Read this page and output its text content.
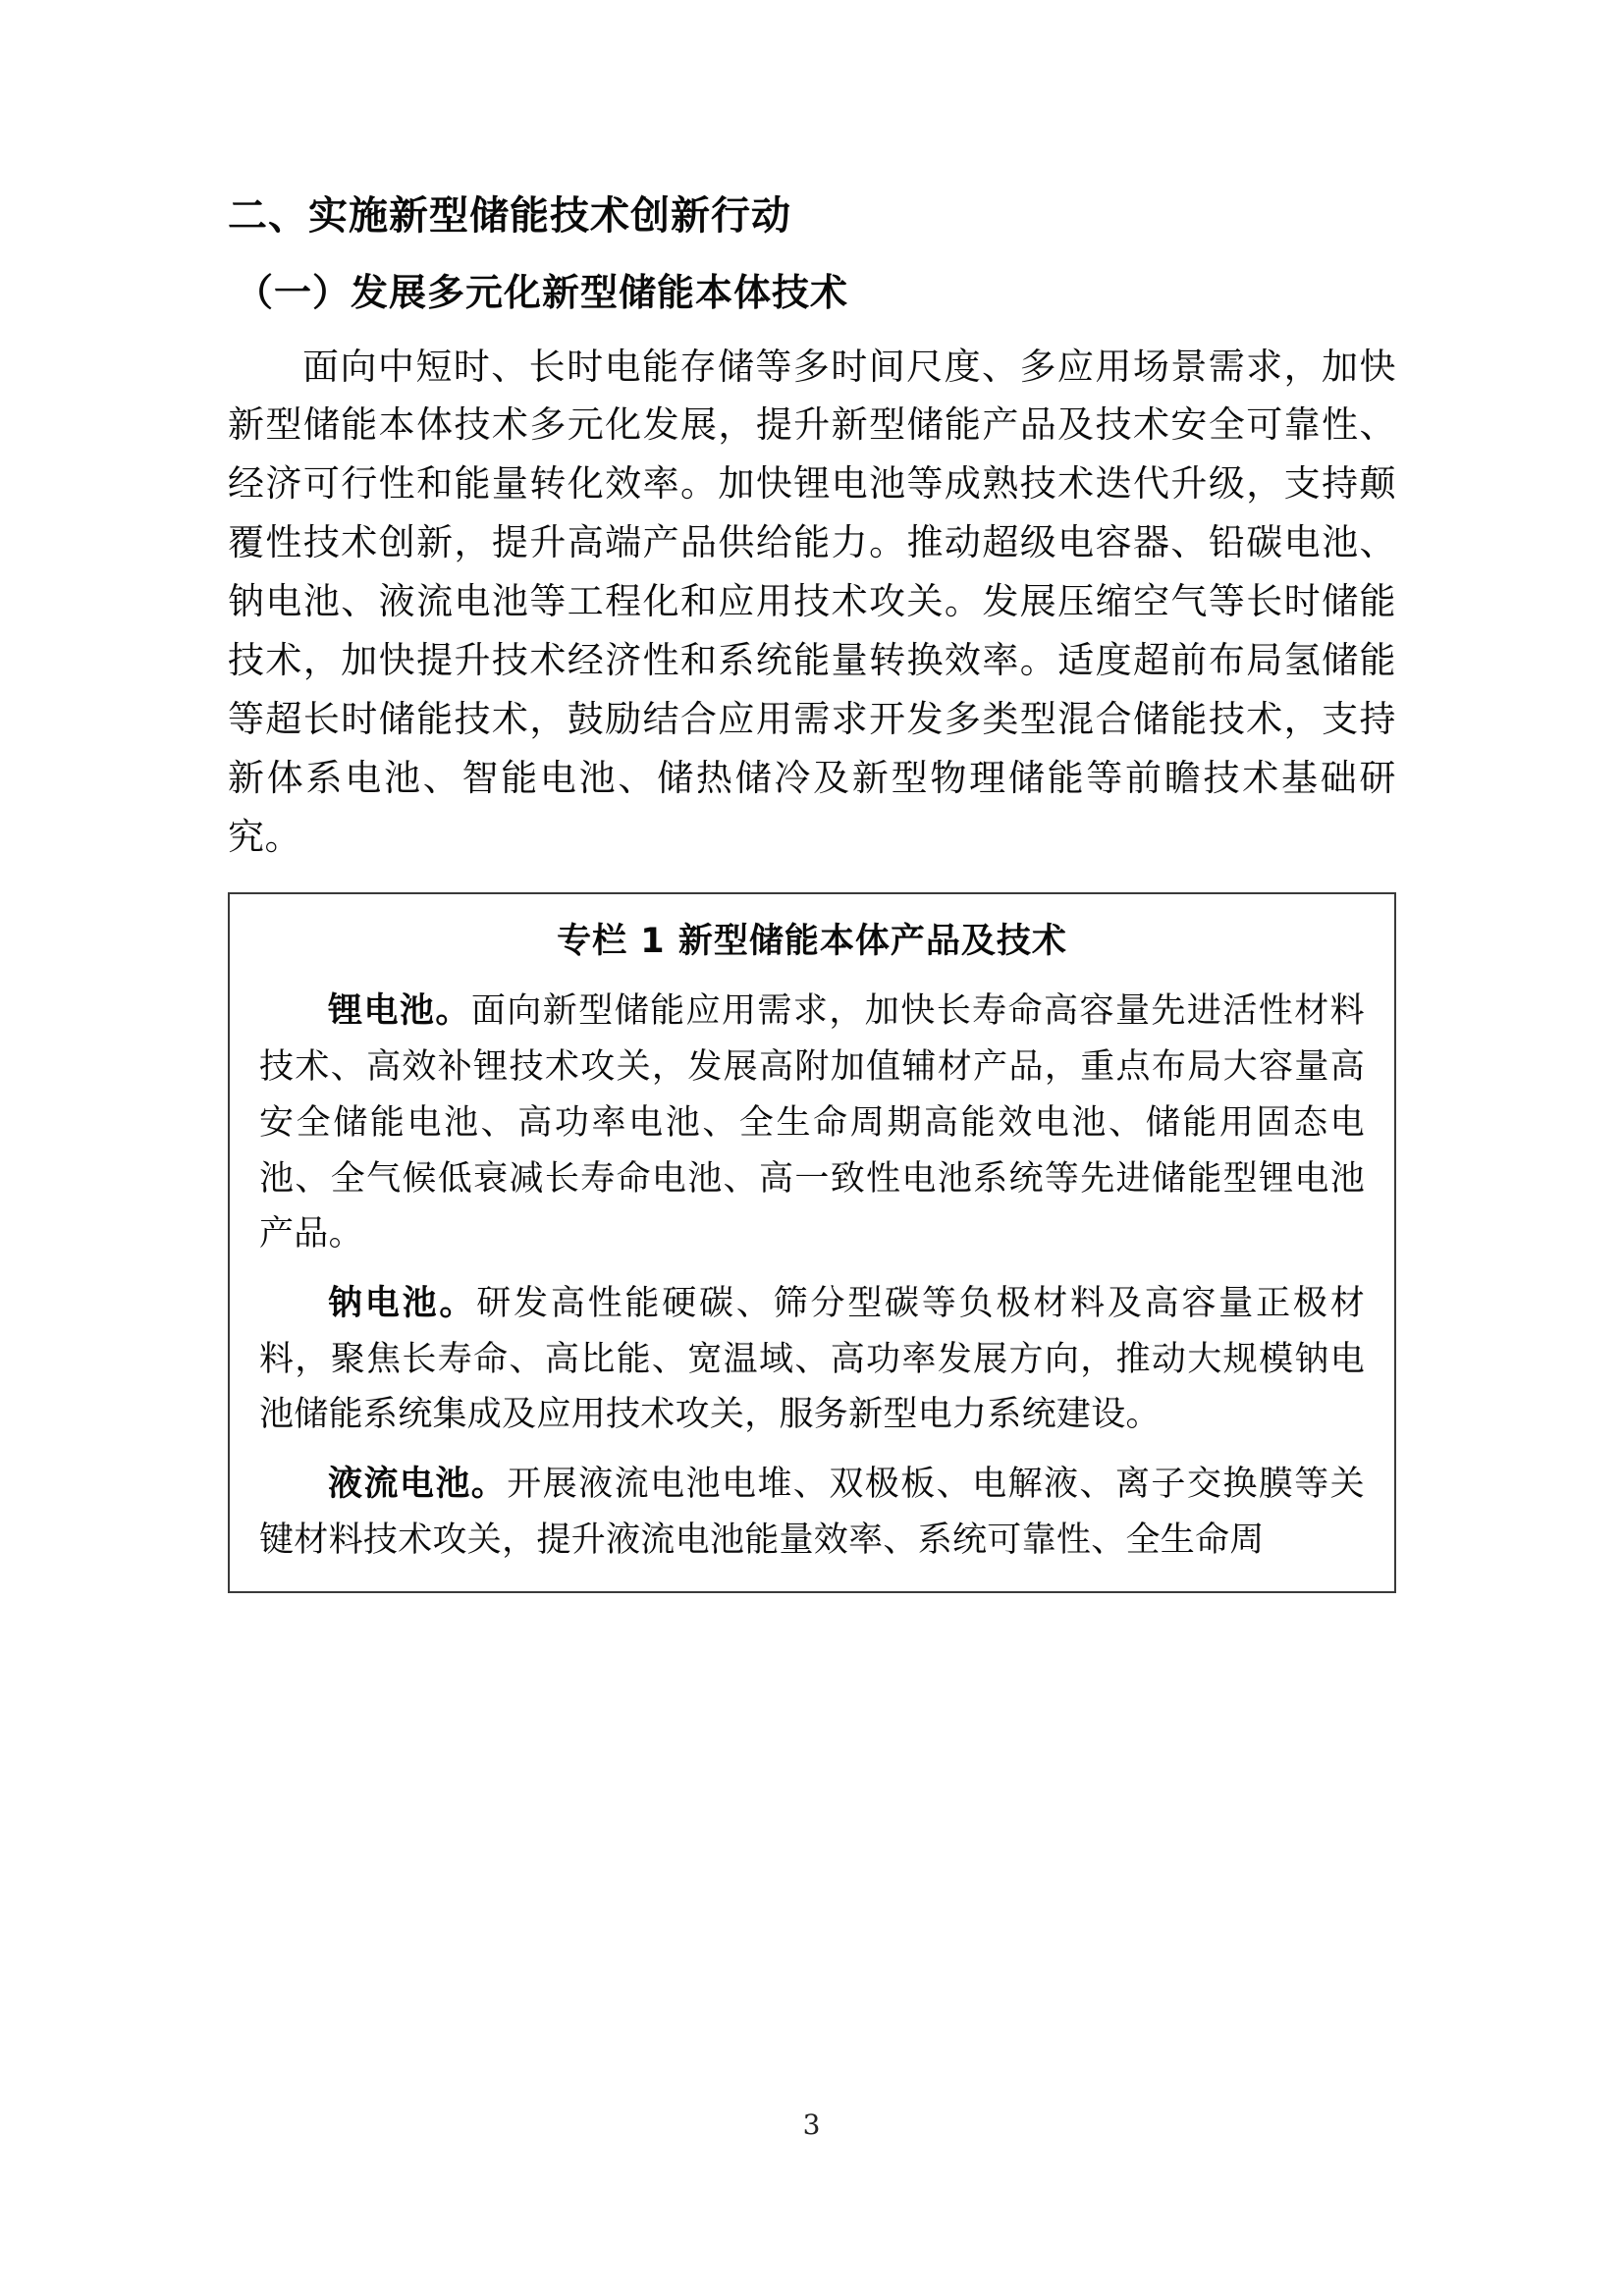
二、实施新型储能技术创新行动
（一）发展多元化新型储能本体技术

面向中短时、长时电能存储等多时间尺度、多应用场景需求，加快新型储能本体技术多元化发展，提升新型储能产品及技术安全可靠性、经济可行性和能量转化效率。加快锂电池等成熟技术迭代升级，支持颠覆性技术创新，提升高端产品供给能力。推动超级电容器、铅碳电池、钠电池、液流电池等工程化和应用技术攻关。发展压缩空气等长时储能技术，加快提升技术经济性和系统能量转换效率。适度超前布局氢储能等超长时储能技术，鼓励结合应用需求开发多类型混合储能技术，支持新体系电池、智能电池、储热储冷及新型物理储能等前瞻技术基础研究。

专栏 1 新型储能本体产品及技术

锂电池。面向新型储能应用需求，加快长寿命高容量先进活性材料技术、高效补锂技术攻关，发展高附加值辅材产品，重点布局大容量高安全储能电池、高功率电池、全生命周期高能效电池、储能用固态电池、全气候低衰减长寿命电池、高一致性电池系统等先进储能型锂电池产品。

钠电池。研发高性能硬碳、筛分型碳等负极材料及高容量正极材料，聚焦长寿命、高比能、宽温域、高功率发展方向，推动大规模钠电池储能系统集成及应用技术攻关，服务新型电力系统建设。

液流电池。开展液流电池电堆、双极板、电解液、离子交换膜等关键材料技术攻关，提升液流电池能量效率、系统可靠性、全生命周

3
